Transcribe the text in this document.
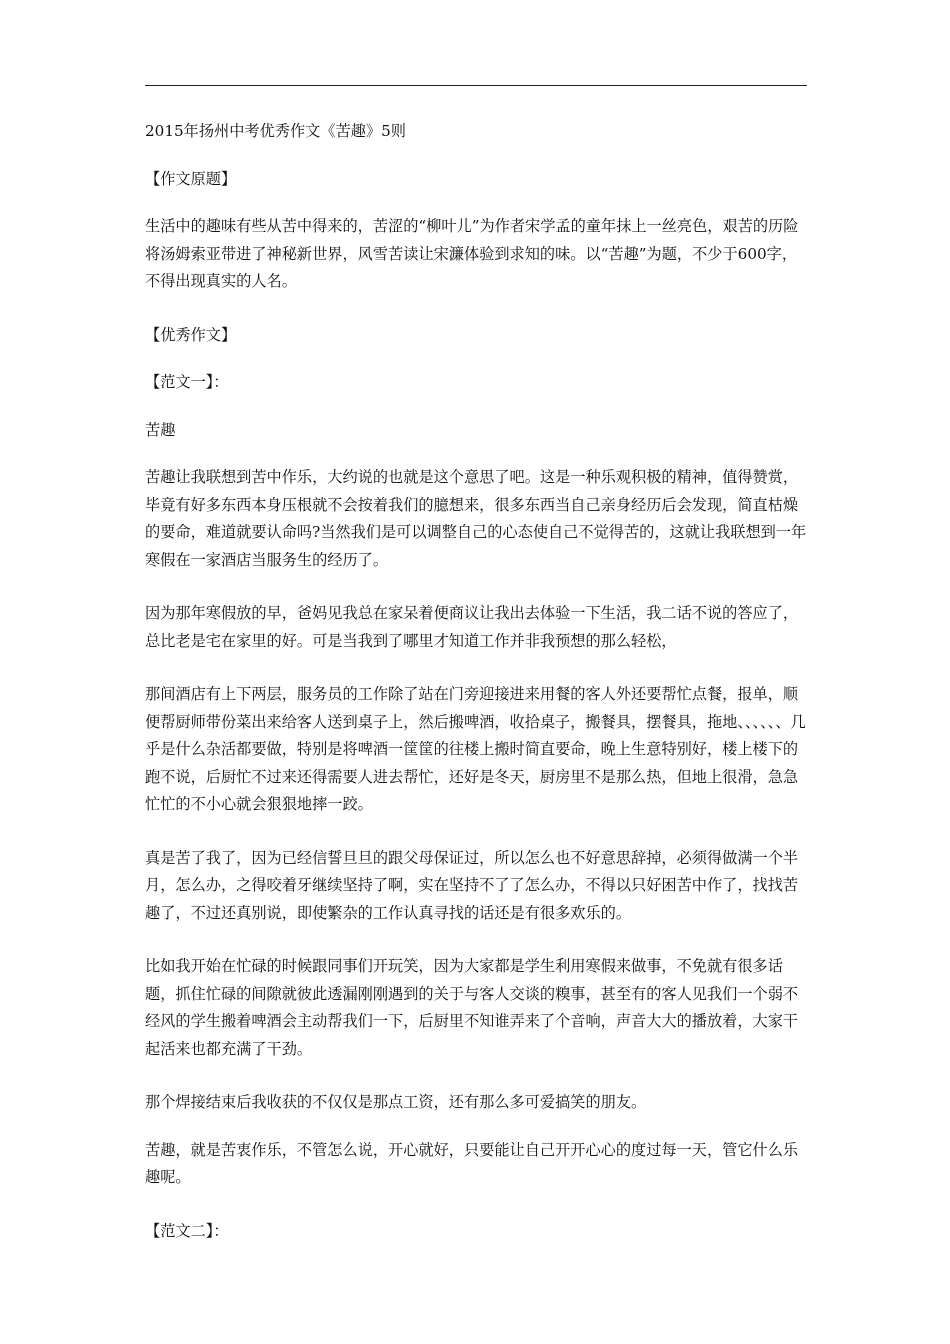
2015年扬州中考优秀作文《苦趣》5则

【作文原题】

生活中的趣味有些从苦中得来的，苦涩的“柳叶儿”为作者宋学孟的童年抹上一丝亮色，艰苦的历险将汤姆索亚带进了神秘新世界，风雪苦读让宋濂体验到求知的味。以“苦趣”为题，不少于600字，不得出现真实的人名。

【优秀作文】

【范文一】：

苦趣

苦趣让我联想到苦中作乐，大约说的也就是这个意思了吧。这是一种乐观积极的精神，值得赞赏，毕竟有好多东西本身压根就不会按着我们的臆想来，很多东西当自己亲身经历后会发现，简直枯燥的要命，难道就要认命吗?当然我们是可以调整自己的心态使自己不觉得苦的，这就让我联想到一年寒假在一家酒店当服务生的经历了。

因为那年寒假放的早，爸妈见我总在家呆着便商议让我出去体验一下生活，我二话不说的答应了，总比老是宅在家里的好。可是当我到了哪里才知道工作并非我预想的那么轻松，

那间酒店有上下两层，服务员的工作除了站在门旁迎接进来用餐的客人外还要帮忙点餐，报单，顺便帮厨师带份菜出来给客人送到桌子上，然后搬啤酒，收拾桌子，搬餐具，摆餐具，拖地、、、、、、几乎是什么杂活都要做，特别是将啤酒一筐筐的往楼上搬时简直要命，晚上生意特别好，楼上楼下的跑不说，后厨忙不过来还得需要人进去帮忙，还好是冬天，厨房里不是那么热，但地上很滑，急急忙忙的不小心就会狠狠地摔一跤。

真是苦了我了，因为已经信誓旦旦的跟父母保证过，所以怎么也不好意思辞掉，必须得做满一个半月，怎么办，之得咬着牙继续坚持了啊，实在坚持不了了怎么办，不得以只好困苦中作了，找找苦趣了，不过还真别说，即使繁杂的工作认真寻找的话还是有很多欢乐的。

比如我开始在忙碌的时候跟同事们开玩笑，因为大家都是学生利用寒假来做事，不免就有很多话题，抓住忙碌的间隙就彼此透漏刚刚遇到的关于与客人交谈的糗事，甚至有的客人见我们一个弱不经风的学生搬着啤酒会主动帮我们一下，后厨里不知谁弄来了个音响，声音大大的播放着，大家干起活来也都充满了干劲。

那个焊接结束后我收获的不仅仅是那点工资，还有那么多可爱搞笑的朋友。

苦趣，就是苦衷作乐，不管怎么说，开心就好，只要能让自己开开心心的度过每一天，管它什么乐趣呢。

【范文二】：
